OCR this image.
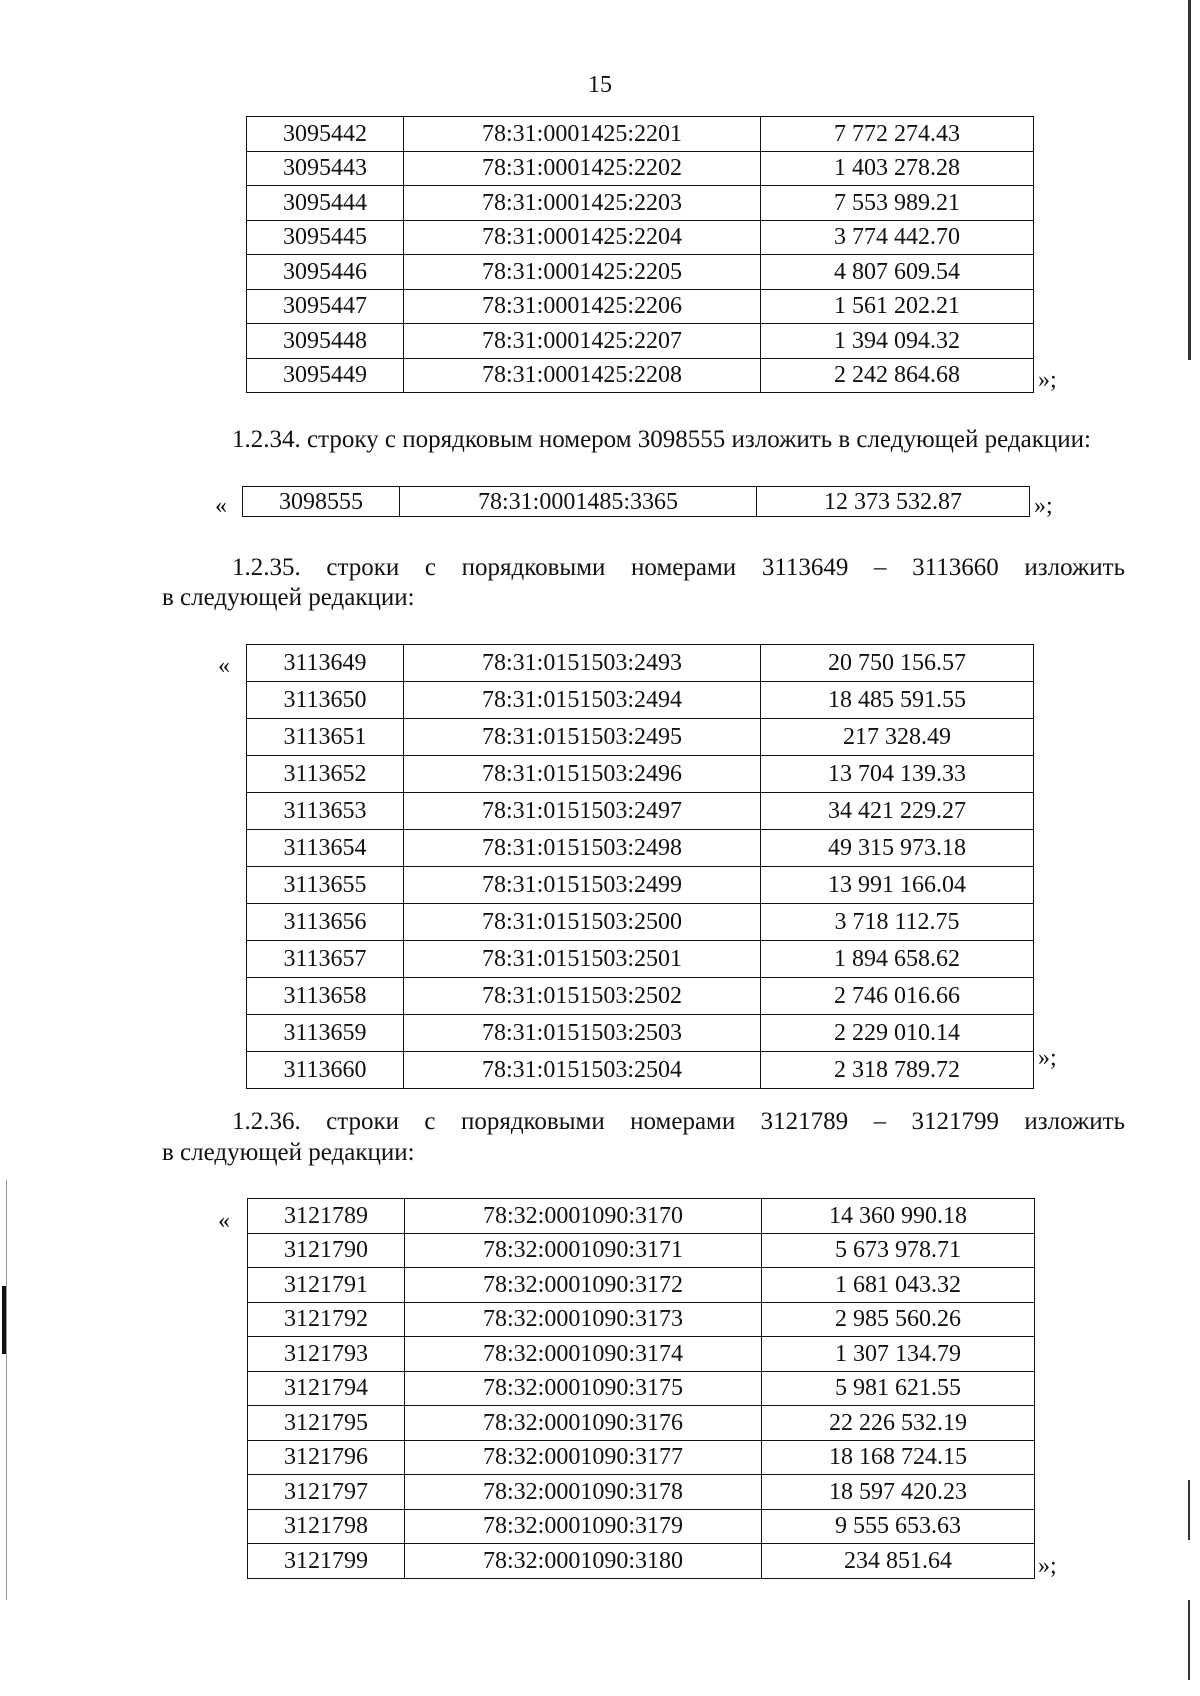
15
3095442	78:31:0001425:2201	7 772 274.43
3095443	78:31:0001425:2202	1 403 278.28
3095444	78:31:0001425:2203	7 553 989.21
3095445	78:31:0001425:2204	3 774 442.70
3095446	78:31:0001425:2205	4 807 609.54
3095447	78:31:0001425:2206	1 561 202.21
3095448	78:31:0001425:2207	1 394 094.32
3095449	78:31:0001425:2208	2 242 864.68	»;
1.2.34. строку с порядковым номером 3098555 изложить в следующей редакции:
« 3098555	78:31:0001485:3365	12 373 532.87	»;
1.2.35. строки с порядковыми номерами 3113649 – 3113660 изложить
в следующей редакции:
« 3113649	78:31:0151503:2493	20 750 156.57
3113650	78:31:0151503:2494	18 485 591.55
3113651	78:31:0151503:2495	217 328.49
3113652	78:31:0151503:2496	13 704 139.33
3113653	78:31:0151503:2497	34 421 229.27
3113654	78:31:0151503:2498	49 315 973.18
3113655	78:31:0151503:2499	13 991 166.04
3113656	78:31:0151503:2500	3 718 112.75
3113657	78:31:0151503:2501	1 894 658.62
3113658	78:31:0151503:2502	2 746 016.66
3113659	78:31:0151503:2503	2 229 010.14
3113660	78:31:0151503:2504	2 318 789.72	»;
1.2.36. строки с порядковыми номерами 3121789 – 3121799 изложить
в следующей редакции:
« 3121789	78:32:0001090:3170	14 360 990.18
3121790	78:32:0001090:3171	5 673 978.71
3121791	78:32:0001090:3172	1 681 043.32
3121792	78:32:0001090:3173	2 985 560.26
3121793	78:32:0001090:3174	1 307 134.79
3121794	78:32:0001090:3175	5 981 621.55
3121795	78:32:0001090:3176	22 226 532.19
3121796	78:32:0001090:3177	18 168 724.15
3121797	78:32:0001090:3178	18 597 420.23
3121798	78:32:0001090:3179	9 555 653.63
3121799	78:32:0001090:3180	234 851.64	»;
